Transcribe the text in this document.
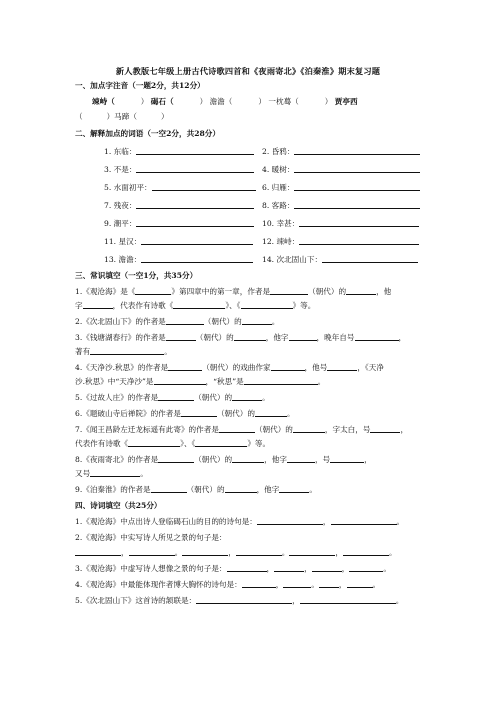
新人教版七年级上册古代诗歌四首和《夜雨寄北》《泊秦淮》期末复习题
一、加点字注音（一题2分，共12分）
竦峙（	） 碣石（	） 澹澹（	） 一枕蓦（	） 贾亭西
（	）马蹄（	）
二、解释加点的词语（一空2分，共28分）
1. 东临：	2. 昏鸦：
3. 不是：	4. 暖树：
5. 水面初平：	6. 归雁：
7. 残夜：	8. 客路：
9. 潮平：	10. 幸甚：
11. 星汉：	12. 竦峙：
13. 澹澹：	14. 次北固山下：
三、常识填空（一空1分，共35分）
1.《观沧海》是《	》第四章中的第一章，作者是	（朝代）的	，他
字	，代表作有诗歌《	》、《	》等。
2.《次北固山下》的作者是	（朝代）的	。
3.《钱塘湖春行》的作者是	（朝代）的	，他字	，晚年自号	，
著有	。
4.《天净沙.秋思》的作者是	（朝代）的戏曲作家	，他号	，《天净
沙.秋思》中“天净沙”是	，“秋思”是	。
5.《过故人庄》的作者是	（朝代）的	。
6.《题破山寺后禅院》的作者是	（朝代）的	。
7.《闻王昌龄左迁龙标遥有此寄》的作者是	（朝代）的	，字太白，号	，
代表作有诗歌《	》、《	》等。
8.《夜雨寄北》的作者是	（朝代）的	，他字	，号	，
又号	。
9.《泊秦淮》的作者是	（朝代）的	，他字	。
四、诗词填空（共25分）
1.《观沧海》中点出诗人登临碣石山的目的的诗句是：	，	。
2.《观沧海》中实写诗人所见之景的句子是：
，	。	，	。	，	。
3.《观沧海》中虚写诗人想像之景的句子是：	，	，	，	。
4.《观沧海》中最能体现作者博大胸怀的诗句是：	，	。	，	。
5.《次北固山下》这首诗的颔联是：	，	。
